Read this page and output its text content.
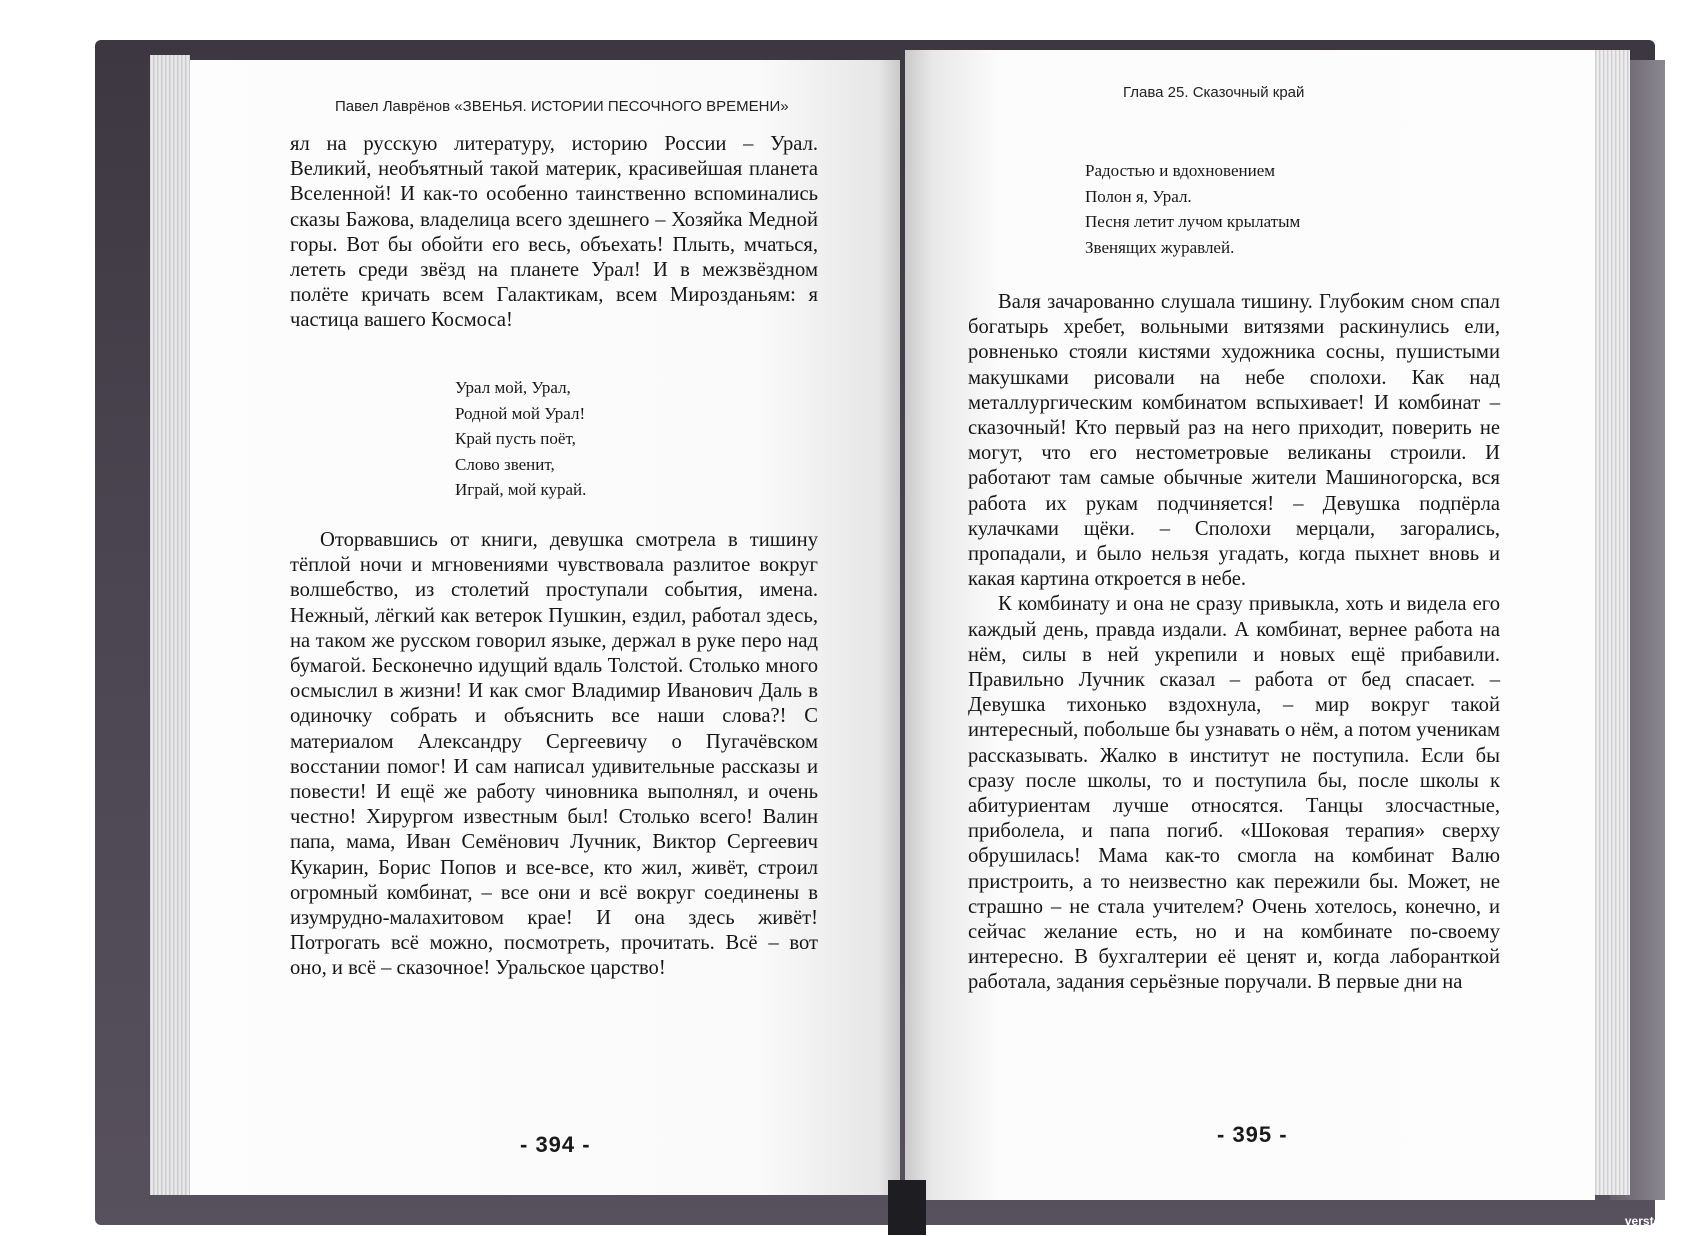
Павел Лаврёнов «ЗВЕНЬЯ. ИСТОРИИ ПЕСОЧНОГО ВРЕМЕНИ»

ял на русскую литературу, историю России – Урал. Великий, необъятный такой материк, красивейшая планета Вселенной! И как-то особенно таинственно вспоминались сказы Бажова, владелица всего здешнего – Хозяйка Медной горы. Вот бы обойти его весь, объехать! Плыть, мчаться, лететь среди звёзд на планете Урал! И в межзвёздном полёте кричать всем Галактикам, всем Мирозданьям: я частица вашего Космоса!

Урал мой, Урал,
Родной мой Урал!
Край пусть поёт,
Слово звенит,
Играй, мой курай.

Оторвавшись от книги, девушка смотрела в тишину тёплой ночи и мгновениями чувствовала разлитое вокруг волшебство, из столетий проступали события, имена. Нежный, лёгкий как ветерок Пушкин, ездил, работал здесь, на таком же русском говорил языке, держал в руке перо над бумагой. Бесконечно идущий вдаль Толстой. Столько много осмыслил в жизни! И как смог Владимир Иванович Даль в одиночку собрать и объяснить все наши слова?! С материалом Александру Сергеевичу о Пугачёвском восстании помог! И сам написал удивительные рассказы и повести! И ещё же работу чиновника выполнял, и очень честно! Хирургом известным был! Столько всего! Валин папа, мама, Иван Семёнович Лучник, Виктор Сергеевич Кукарин, Борис Попов и все-все, кто жил, живёт, строил огромный комбинат, – все они и всё вокруг соединены в изумрудно-малахитовом крае! И она здесь живёт! Потрогать всё можно, посмотреть, прочитать. Всё – вот оно, и всё – сказочное! Уральское царство!

- 394 -
Глава 25. Сказочный край
Радостью и вдохновением
Полон я, Урал.
Песня летит лучом крылатым
Звенящих журавлей.

Валя зачарованно слушала тишину. Глубоким сном спал богатырь хребет, вольными витязями раскинулись ели, ровненько стояли кистями художника сосны, пушистыми макушками рисовали на небе сполохи. Как над металлургическим комбинатом вспыхивает! И комбинат – сказочный! Кто первый раз на него приходит, поверить не могут, что его нестометровые великаны строили. И работают там самые обычные жители Машиногорска, вся работа их рукам подчиняется! – Девушка подпёрла кулачками щёки. – Сполохи мерцали, загорались, пропадали, и было нельзя угадать, когда пыхнет вновь и какая картина откроется в небе.

К комбинату и она не сразу привыкла, хоть и видела его каждый день, правда издали. А комбинат, вернее работа на нём, силы в ней укрепили и новых ещё прибавили. Правильно Лучник сказал – работа от бед спасает. – Девушка тихонько вздохнула, – мир вокруг такой интересный, побольше бы узнавать о нём, а потом ученикам рассказывать. Жалко в институт не поступила. Если бы сразу после школы, то и поступила бы, после школы к абитуриентам лучше относятся. Танцы злосчастные, приболела, и папа погиб. «Шоковая терапия» сверху обрушилась! Мама как-то смогла на комбинат Валю пристроить, а то неизвестно как пережили бы. Может, не страшно – не стала учителем? Очень хотелось, конечно, и сейчас желание есть, но и на комбинате по-своему интересно. В бухгалтерии её ценят и, когда лаборанткой работала, задания серьёзные поручали. В первые дни на

- 395 -
verstov.info
